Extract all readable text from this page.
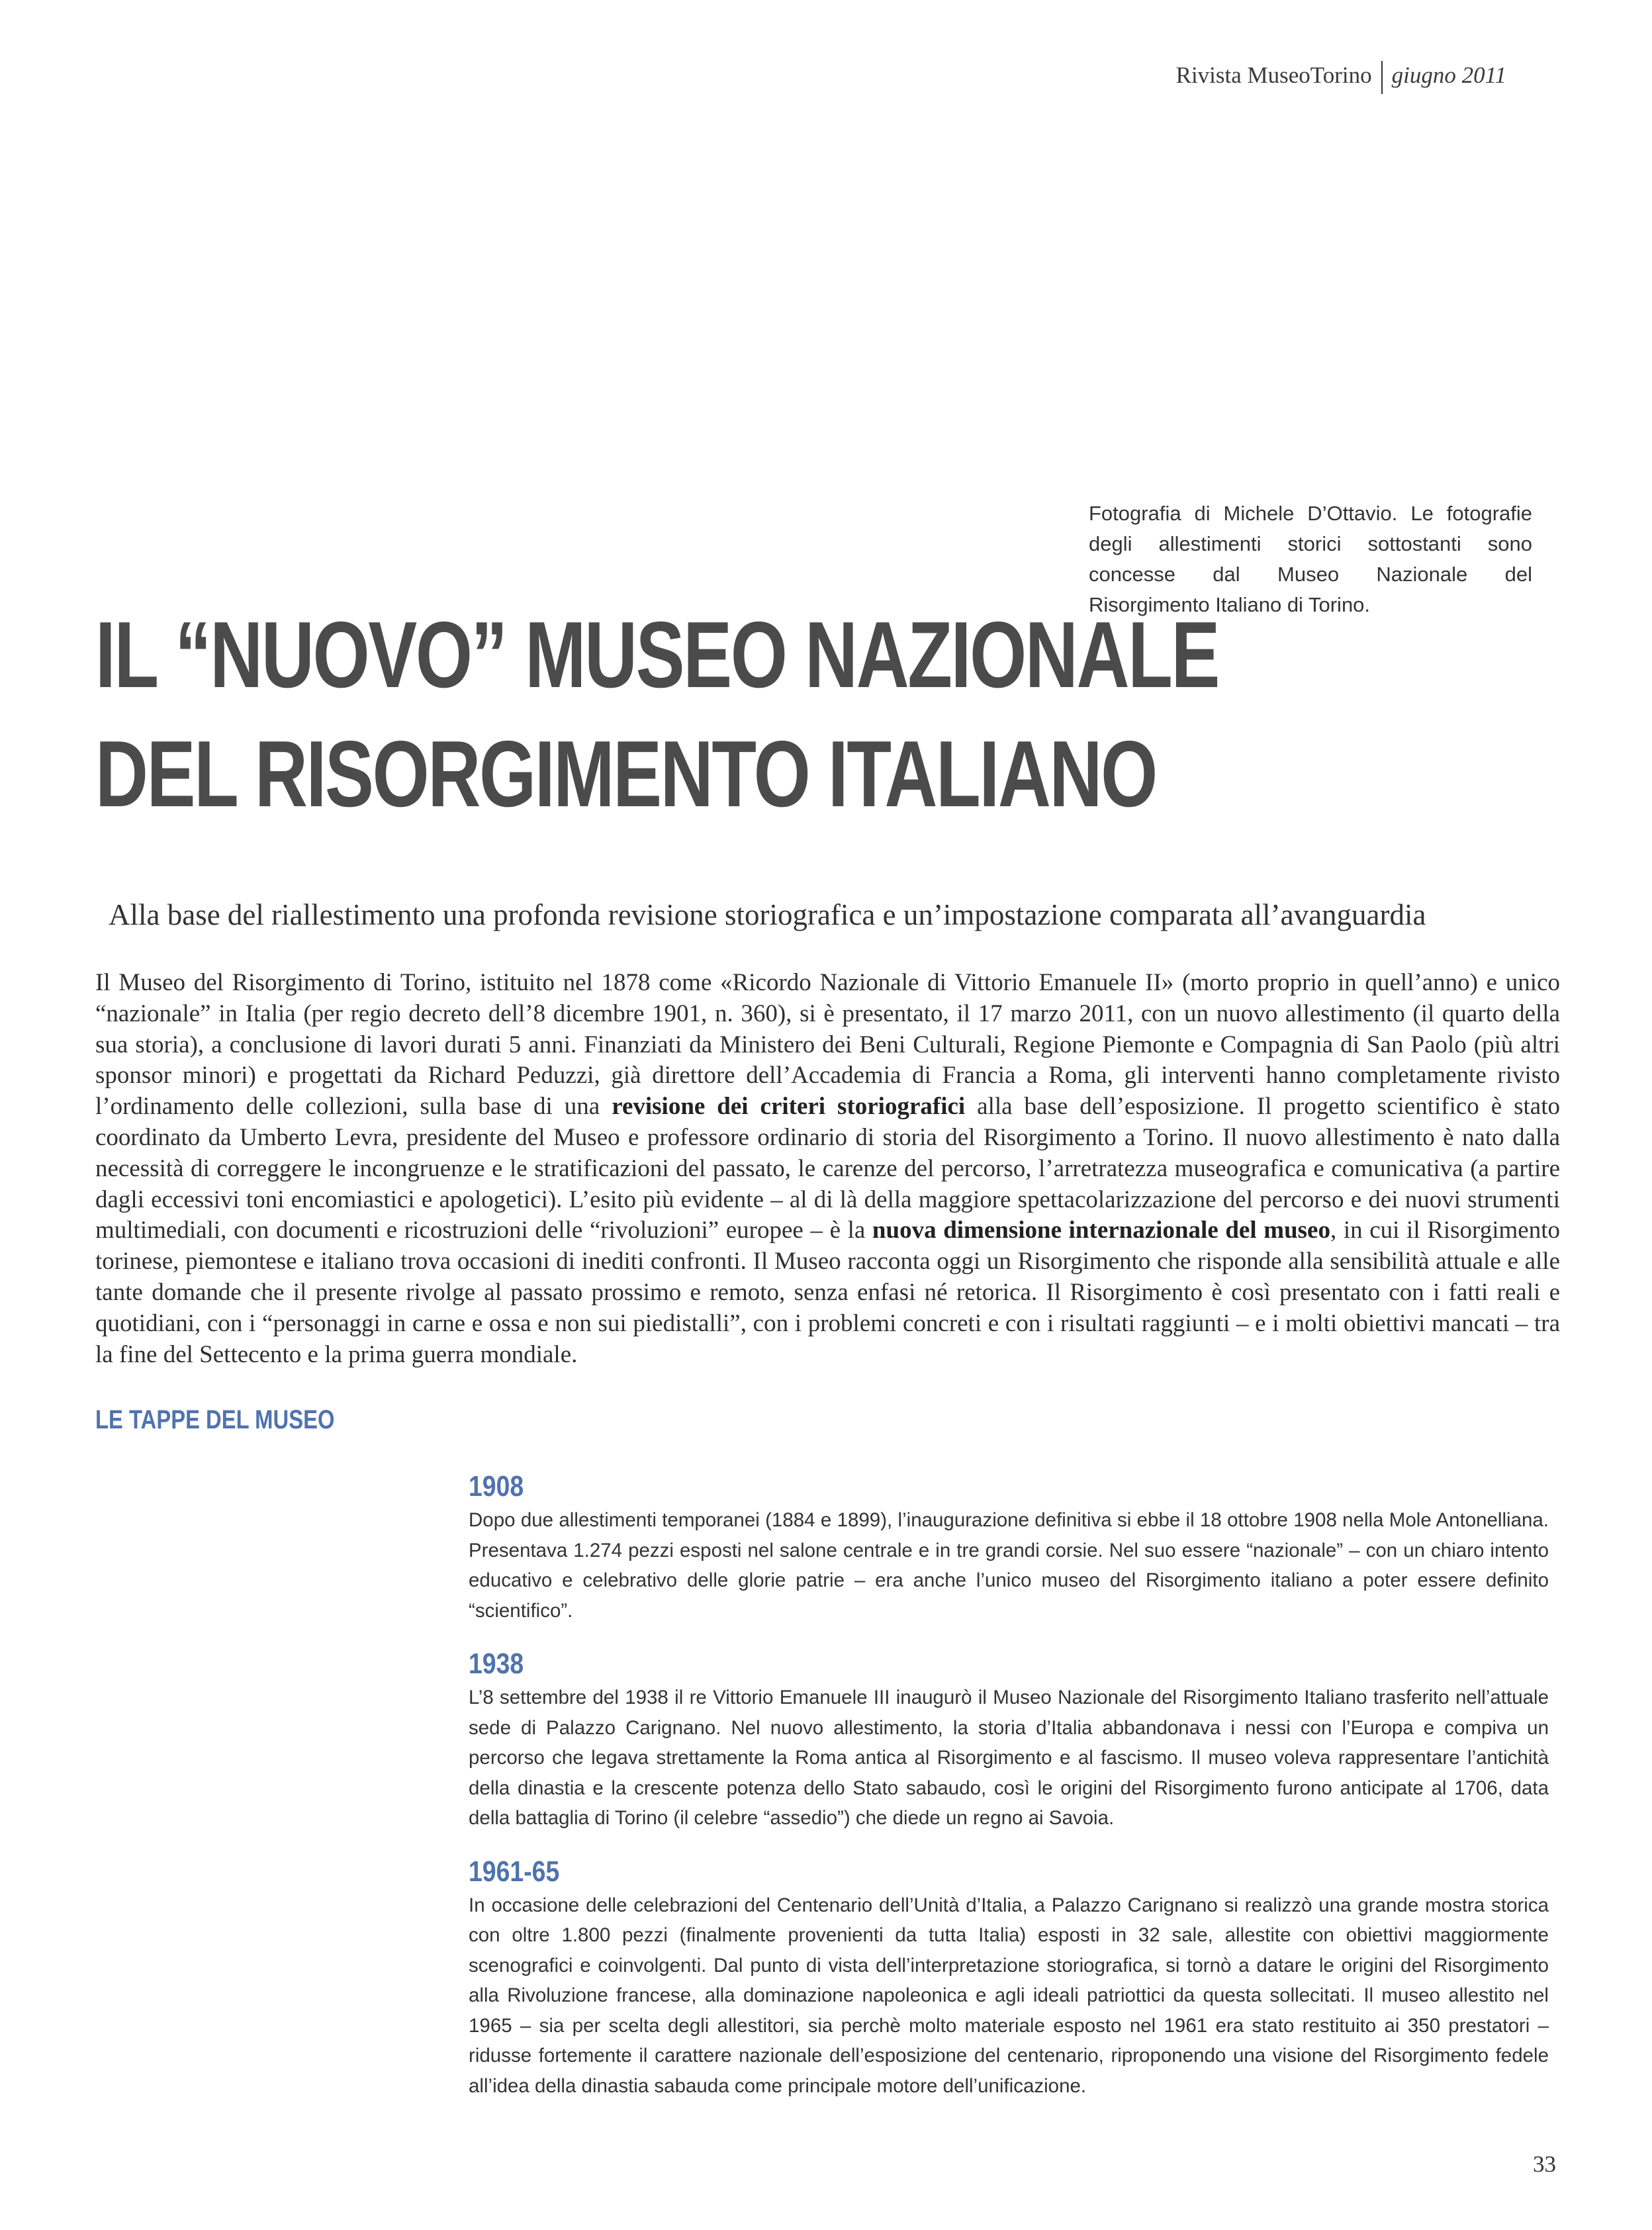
Rivista MuseoTorino giugno 2011

Fotografia di Michele D’Ottavio. Le fotografie degli allestimenti storici sottostanti sono concesse dal Museo Nazionale del Risorgimento Italiano di Torino.

IL “NUOVO” MUSEO NAZIONALE
DEL RISORGIMENTO ITALIANO
Alla base del riallestimento una profonda revisione storiografica e un’impostazione comparata all’avanguardia

Il Museo del Risorgimento di Torino, istituito nel 1878 come «Ricordo Nazionale di Vittorio Emanuele II» (morto proprio in quell’anno) e unico “nazionale” in Italia (per regio decreto dell’8 dicembre 1901, n. 360), si è presentato, il 17 marzo 2011, con un nuovo allestimento (il quarto della sua storia), a conclusione di lavori durati 5 anni. Finanziati da Ministero dei Beni Culturali, Regione Piemonte e Compagnia di San Paolo (più altri sponsor minori) e progettati da Richard Peduzzi, già direttore dell’Accademia di Francia a Roma, gli interventi hanno completamente rivisto l’ordinamento delle collezioni, sulla base di una revisione dei criteri storiografici alla base dell’esposizione. Il progetto scientifico è stato coordinato da Umberto Levra, presidente del Museo e professore ordinario di storia del Risorgimento a Torino. Il nuovo allestimento è nato dalla necessità di correggere le incongruenze e le stratificazioni del passato, le carenze del percorso, l’arretratezza museografica e comunicativa (a partire dagli eccessivi toni encomiastici e apologetici). L’esito più evidente – al di là della maggiore spettacolarizzazione del percorso e dei nuovi strumenti multimediali, con documenti e ricostruzioni delle “rivoluzioni” europee – è la nuova dimensione internazionale del museo, in cui il Risorgimento torinese, piemontese e italiano trova occasioni di inediti confronti. Il Museo racconta oggi un Risorgimento che risponde alla sensibilità attuale e alle tante domande che il presente rivolge al passato prossimo e remoto, senza enfasi né retorica. Il Risorgimento è così presentato con i fatti reali e quotidiani, con i “personaggi in carne e ossa e non sui piedistalli”, con i problemi concreti e con i risultati raggiunti – e i molti obiettivi mancati – tra la fine del Settecento e la prima guerra mondiale.

LE TAPPE DEL MUSEO
1908

Dopo due allestimenti temporanei (1884 e 1899), l’inaugurazione definitiva si ebbe il 18 ottobre 1908 nella Mole Antonelliana. Presentava 1.274 pezzi esposti nel salone centrale e in tre grandi corsie. Nel suo essere “nazionale” – con un chiaro intento educativo e celebrativo delle glorie patrie – era anche l’unico museo del Risorgimento italiano a poter essere definito “scientifico”.

1938

L’8 settembre del 1938 il re Vittorio Emanuele III inaugurò il Museo Nazionale del Risorgimento Italiano trasferito nell’attuale sede di Palazzo Carignano. Nel nuovo allestimento, la storia d’Italia abbandonava i nessi con l’Europa e compiva un percorso che legava strettamente la Roma antica al Risorgimento e al fascismo. Il museo voleva rappresentare l’antichità della dinastia e la crescente potenza dello Stato sabaudo, così le origini del Risorgimento furono anticipate al 1706, data della battaglia di Torino (il celebre “assedio”) che diede un regno ai Savoia.

1961-65

In occasione delle celebrazioni del Centenario dell’Unità d’Italia, a Palazzo Carignano si realizzò una grande mostra storica con oltre 1.800 pezzi (finalmente provenienti da tutta Italia) esposti in 32 sale, allestite con obiettivi maggiormente scenografici e coinvolgenti. Dal punto di vista dell’interpretazione storiografica, si tornò a datare le origini del Risorgimento alla Rivoluzione francese, alla dominazione napoleonica e agli ideali patriottici da questa sollecitati. Il museo allestito nel 1965 – sia per scelta degli allestitori, sia perchè molto materiale esposto nel 1961 era stato restituito ai 350 prestatori – ridusse fortemente il carattere nazionale dell’esposizione del centenario, riproponendo una visione del Risorgimento fedele all’idea della dinastia sabauda come principale motore dell’unificazione.

33
